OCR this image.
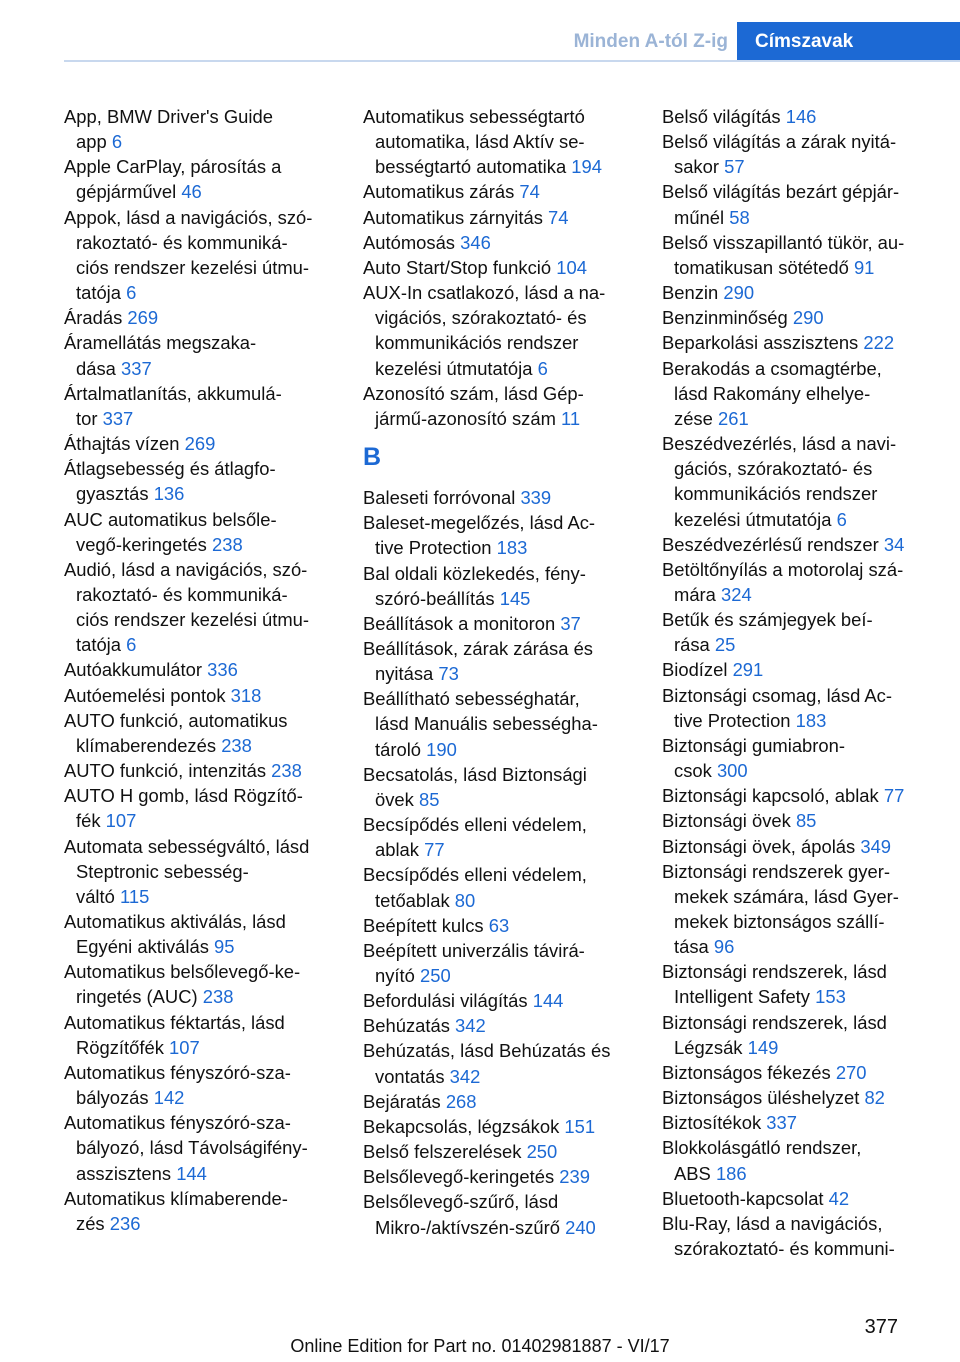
Minden A-tól Z-ig	Címszavak
App, BMW Driver's Guide
app 6
Apple CarPlay, párosítás a
gépjárművel 46
Appok, lásd a navigációs, szó-
rakoztató- és kommuniká-
ciós rendszer kezelési útmu-
tatója 6
Áradás 269
Áramellátás megszaka-
dása 337
Ártalmatlanítás, akkumulá-
tor 337
Áthajtás vízen 269
Átlagsebesség és átlagfo-
gyasztás 136
AUC automatikus belsőle-
vegő-keringetés 238
Audió, lásd a navigációs, szó-
rakoztató- és kommuniká-
ciós rendszer kezelési útmu-
tatója 6
Autóakkumulátor 336
Autóemelési pontok 318
AUTO funkció, automatikus
klímaberendezés 238
AUTO funkció, intenzitás 238
AUTO H gomb, lásd Rögzítő-
fék 107
Automata sebességváltó, lásd
Steptronic sebesség-
váltó 115
Automatikus aktiválás, lásd
Egyéni aktiválás 95
Automatikus belsőlevegő-ke-
ringetés (AUC) 238
Automatikus féktartás, lásd
Rögzítőfék 107
Automatikus fényszóró-sza-
bályozás 142
Automatikus fényszóró-sza-
bályozó, lásd Távolságifény-
asszisztens 144
Automatikus klímaberende-
zés 236
Automatikus sebességtartó
automatika, lásd Aktív se-
bességtartó automatika 194
Automatikus zárás 74
Automatikus zárnyitás 74
Autómosás 346
Auto Start/Stop funkció 104
AUX-In csatlakozó, lásd a na-
vigációs, szórakoztató- és
kommunikációs rendszer
kezelési útmutatója 6
Azonosító szám, lásd Gép-
jármű-azonosító szám 11
B
Baleseti forróvonal 339
Baleset-megelőzés, lásd Ac-
tive Protection 183
Bal oldali közlekedés, fény-
szóró-beállítás 145
Beállítások a monitoron 37
Beállítások, zárak zárása és
nyitása 73
Beállítható sebességhatár,
lásd Manuális sebességha-
tároló 190
Becsatolás, lásd Biztonsági
övek 85
Becsípődés elleni védelem,
ablak 77
Becsípődés elleni védelem,
tetőablak 80
Beépített kulcs 63
Beépített univerzális távirá-
nyító 250
Befordulási világítás 144
Behúzatás 342
Behúzatás, lásd Behúzatás és
vontatás 342
Bejáratás 268
Bekapcsolás, légzsákok 151
Belső felszerelések 250
Belsőlevegő-keringetés 239
Belsőlevegő-szűrő, lásd
Mikro-/aktívszén-szűrő 240
Belső világítás 146
Belső világítás a zárak nyitá-
sakor 57
Belső világítás bezárt gépjár-
műnél 58
Belső visszapillantó tükör, au-
tomatikusan sötétedő 91
Benzin 290
Benzinminőség 290
Beparkolási asszisztens 222
Berakodás a csomagtérbe,
lásd Rakomány elhelye-
zése 261
Beszédvezérlés, lásd a navi-
gációs, szórakoztató- és
kommunikációs rendszer
kezelési útmutatója 6
Beszédvezérlésű rendszer 34
Betöltőnyílás a motorolaj szá-
mára 324
Betűk és számjegyek beí-
rása 25
Biodízel 291
Biztonsági csomag, lásd Ac-
tive Protection 183
Biztonsági gumiabron-
csok 300
Biztonsági kapcsoló, ablak 77
Biztonsági övek 85
Biztonsági övek, ápolás 349
Biztonsági rendszerek gyer-
mekek számára, lásd Gyer-
mekek biztonságos szállí-
tása 96
Biztonsági rendszerek, lásd
Intelligent Safety 153
Biztonsági rendszerek, lásd
Légzsák 149
Biztonságos fékezés 270
Biztonságos üléshelyzet 82
Biztosítékok 337
Blokkolásgátló rendszer,
ABS 186
Bluetooth-kapcsolat 42
Blu-Ray, lásd a navigációs,
szórakoztató- és kommuni-
377
Online Edition for Part no. 01402981887 - VI/17
